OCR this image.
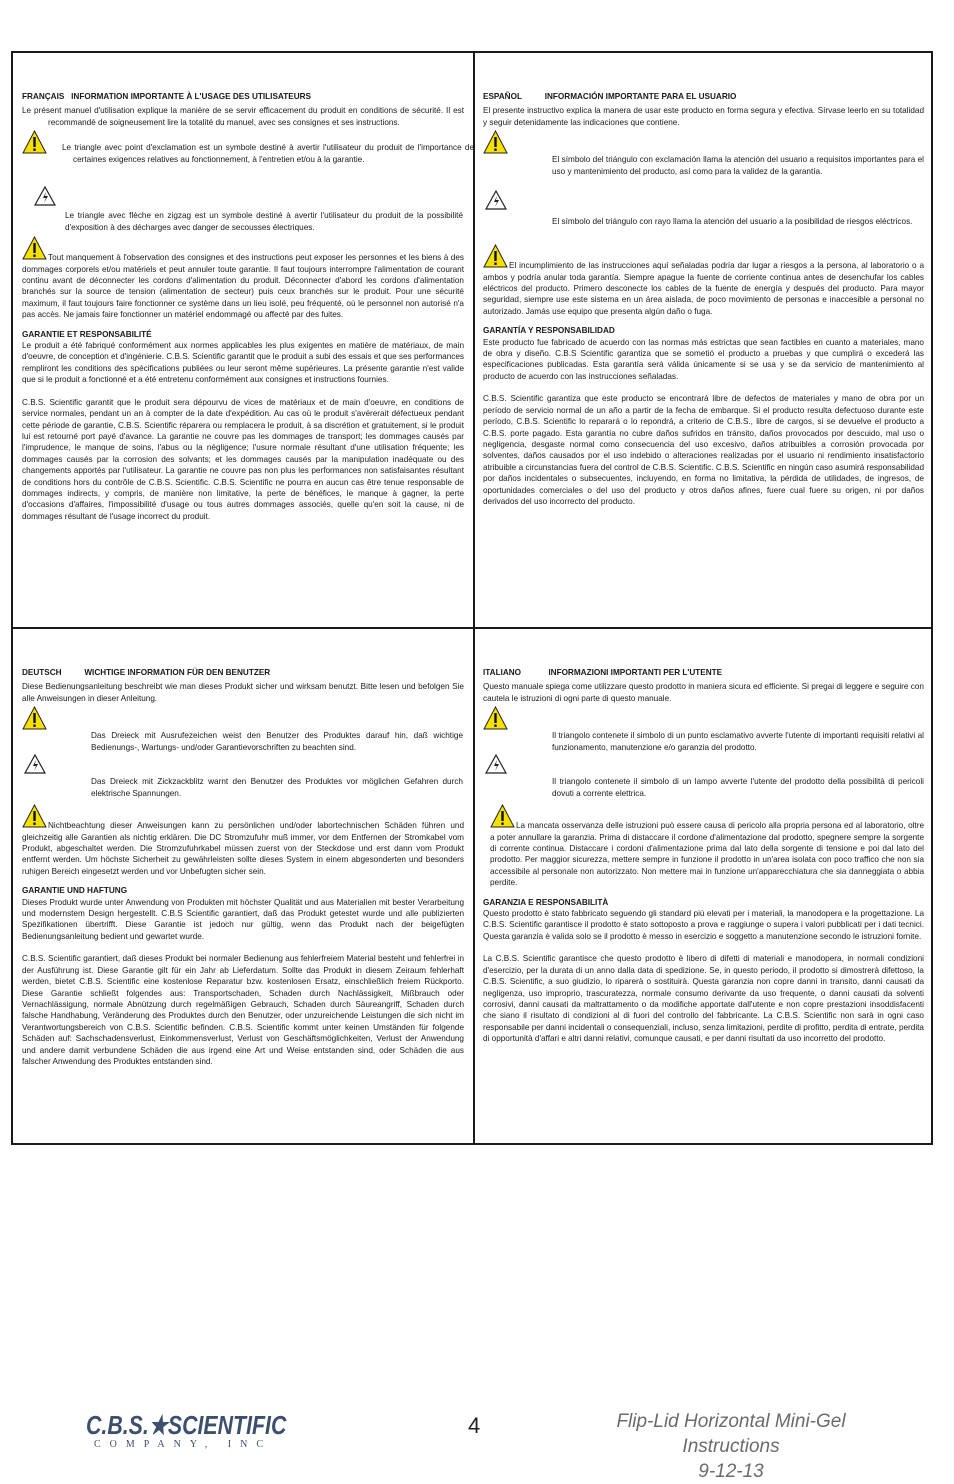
FRANÇAIS INFORMATION IMPORTANTE À L'USAGE DES UTILISATEURS

Le présent manuel d'utilisation explique la manière de se servir efficacement du produit en conditions de sécurité. Il est recommandé de soigneusement lire la totalité du manuel, avec ses consignes et ses instructions.

Le triangle avec point d'exclamation est un symbole destiné à avertir l'utilisateur du produit de l'importance de certaines exigences relatives au fonctionnement, à l'entretien et/ou à la garantie.

Le triangle avec flèche en zigzag est un symbole destiné à avertir l'utilisateur du produit de la possibilité d'exposition à des décharges avec danger de secousses électriques.

Tout manquement à l'observation des consignes et des instructions peut exposer les personnes et les biens à des dommages corporels et/ou matériels et peut annuler toute garantie. Il faut toujours interrompre l'alimentation de courant continu avant de déconnecter les cordons d'alimentation du produit. Déconnecter d'abord les cordons d'alimentation branchés sur la source de tension (alimentation de secteur) puis ceux branchés sur le produit. Pour une sécurité maximum, il faut toujours faire fonctionner ce système dans un lieu isolé, peu fréquenté, où le personnel non autorisé n'a pas accès. Ne jamais faire fonctionner un matériel endommagé ou affecté par des fuites.

GARANTIE ET RESPONSABILITÉ

Le produit a été fabriqué conformément aux normes applicables les plus exigentes en matière de matériaux, de main d'oeuvre, de conception et d'ingénierie. C.B.S. Scientific garantit que le produit a subi des essais et que ses performances rempliront les conditions des spécifications publiées ou leur seront même supérieures. La présente garantie n'est valide que si le produit a fonctionné et a été entretenu conformément aux consignes et instructions fournies.

C.B.S. Scientific garantit que le produit sera dépourvu de vices de matériaux et de main d'oeuvre, en conditions de service normales, pendant un an à compter de la date d'expédition. Au cas où le produit s'avérerait défectueux pendant cette période de garantie, C.B.S. Scientific réparera ou remplacera le produit, à sa discrétion et gratuitement, si le produit lui est retourné port payé d'avance. La garantie ne couvre pas les dommages de transport; les dommages causés par l'imprudence, le manque de soins, l'abus ou la négligence; l'usure normale résultant d'une utilisation fréquente; les dommages causés par la corrosion des solvants; et les dommages causés par la manipulation inadéquate ou des changements apportés par l'utilisateur. La garantie ne couvre pas non plus les performances non satisfaisantes résultant de conditions hors du contrôle de C.B.S. Scientific. C.B.S. Scientific ne pourra en aucun cas être tenue responsable de dommages indirects, y compris, de manière non limitative, la perte de bénéfices, le manque à gagner, la perte d'occasions d'affaires, l'impossibilité d'usage ou tous autres dommages associés, quelle qu'en soit la cause, ni de dommages résultant de l'usage incorrect du produit.

ESPAÑOL	INFORMACIÓN IMPORTANTE PARA EL USUARIO

El presente instructivo explica la manera de usar este producto en forma segura y efectiva. Sírvase leerlo en su totalidad y seguir detenidamente las indicaciones que contiene.

El símbolo del triángulo con exclamación llama la atención del usuario a requisitos importantes para el uso y mantenimiento del producto, así como para la validez de la garantía.

El símbolo del triángulo con rayo llama la atención del usuario a la posibilidad de riesgos eléctricos.

El incumplimiento de las instrucciones aquí señaladas podría dar lugar a riesgos a la persona, al laboratorio o a ambos y podría anular toda garantía. Siempre apague la fuente de corriente continua antes de desenchufar los cables eléctricos del producto. Primero desconecte los cables de la fuente de energía y después del producto. Para mayor seguridad, siempre use este sistema en un área aislada, de poco movimiento de personas e inaccesible a personal no autorizado. Jamás use equipo que presenta algún daño o fuga.

GARANTÍA Y RESPONSABILIDAD

Este producto fue fabricado de acuerdo con las normas más estrictas que sean factibles en cuanto a materiales, mano de obra y diseño. C.B.S Scientific garantiza que se sometió el producto a pruebas y que cumplirá o excederá las especificaciones publicadas. Esta garantía será válida únicamente si se usa y se da servicio de mantenimiento al producto de acuerdo con las instrucciones señaladas.

C.B.S. Scientific garantiza que este producto se encontrará libre de defectos de materiales y mano de obra por un período de servicio normal de un año a partir de la fecha de embarque. Si el producto resulta defectuoso durante este período, C.B.S. Scientific lo reparará o lo repondrá, a criterio de C.B.S., libre de cargos, si se devuelve el producto a C.B.S. porte pagado. Esta garantía no cubre daños sufridos en tránsito, daños provocados por descuido, mal uso o negligencia, desgaste normal como consecuencia del uso excesivo, daños atribuibles a corrosión provocada por solventes, daños causados por el uso indebido o alteraciones realizadas por el usuario ni rendimiento insatisfactorio atribuible a circunstancias fuera del control de C.B.S. Scientific. C.B.S. Scientific en ningún caso asumirá responsabilidad por daños incidentales o subsecuentes, incluyendo, en forma no limitativa, la pérdida de utilidades, de ingresos, de oportunidades comerciales o del uso del producto y otros daños afines, fuere cual fuere su origen, ni por daños derivados del uso incorrecto del producto.

DEUTSCH	WICHTIGE INFORMATION FÜR DEN BENUTZER

Diese Bedienungsanleitung beschreibt wie man dieses Produkt sicher und wirksam benutzt. Bitte lesen und befolgen Sie alle Anweisungen in dieser Anleitung.

Das Dreieck mit Ausrufezeichen weist den Benutzer des Produktes darauf hin, daß wichtige Bedienungs-, Wartungs- und/oder Garantievorschriften zu beachten sind.

Das Dreieck mit Zickzackblitz warnt den Benutzer des Produktes vor möglichen Gefahren durch elektrische Spannungen.

Nichtbeachtung dieser Anweisungen kann zu persönlichen und/oder labortechnischen Schäden führen und gleichzeitig alle Garantien als nichtig erklären. Die DC Stromzufuhr muß immer, vor dem Entfernen der Stromkabel vom Produkt, abgeschaltet werden. Die Stromzufuhrkabel müssen zuerst von der Steckdose und erst dann vom Produkt entfernt werden. Um höchste Sicherheit zu gewährleisten sollte dieses System in einem abgesonderten und besonders ruhigen Bereich eingesetzt werden und vor Unbefugten sicher sein.

GARANTIE UND HAFTUNG

Dieses Produkt wurde unter Anwendung von Produkten mit höchster Qualität und aus Materialien mit bester Verarbeitung und modernstem Design hergestellt. C.B.S Scientific garantiert, daß das Produkt getestet wurde und alle publizierten Spezifikationen übertrifft. Diese Garantie ist jedoch nur gültig, wenn das Produkt nach der beigefügten Bedienungsanleitung bedient und gewartet wurde.

C.B.S. Scientific garantiert, daß dieses Produkt bei normaler Bedienung aus fehlerfreiem Material besteht und fehlerfrei in der Ausführung ist. Diese Garantie gilt für ein Jahr ab Lieferdatum. Sollte das Produkt in diesem Zeiraum fehlerhaft werden, bietet C.B.S. Scientific eine kostenlose Reparatur bzw. kostenlosen Ersatz, einschließlich freiem Rückporto. Diese Garantie schließt folgendes aus: Transportschaden, Schaden durch Nachlässigkeit, Mißbrauch oder Vernachlässigung, normale Abnützung durch regelmäßigen Gebrauch, Schaden durch Säureangriff, Schaden durch falsche Handhabung, Veränderung des Produktes durch den Benutzer, oder unzureichende Leistungen die sich nicht im Verantwortungsbereich von C.B.S. Scientific befinden. C.B.S. Scientific kommt unter keinen Umständen für folgende Schäden auf: Sachschadensverlust, Einkommensverlust, Verlust von Geschäftsmöglichkeiten, Verlust der Anwendung und andere damit verbundene Schäden die aus irgend eine Art und Weise entstanden sind, oder Schäden die aus falscher Anwendung des Produktes entstanden sind.

ITALIANO	INFORMAZIONI IMPORTANTI PER L'UTENTE

Questo manuale spiega come utilizzare questo prodotto in maniera sicura ed efficiente. Si pregai di leggere e seguire con cautela le istruzioni di ogni parte di questo manuale.

Il triangolo contenete il simbolo di un punto esclamativo avverte l'utente di importanti requisiti relativi al funzionamento, manutenzione e/o garanzia del prodotto.

Il triangolo contenete il simbolo di un lampo avverte l'utente del prodotto della possibilità di pericoli dovuti a corrente elettrica.

La mancata osservanza delle istruzioni può essere causa di pericolo alla propria persona ed al laboratorio, oltre a poter annullare la garanzia. Prima di distaccare il cordone d'alimentazione dal prodotto, spegnere sempre la sorgente di corrente continua. Distaccare i cordoni d'alimentazione prima dal lato della sorgente di tensione e poi dal lato del prodotto. Per maggior sicurezza, mettere sempre in funzione il prodotto in un'area isolata con poco traffico che non sia accessibile al personale non autorizzato. Non mettere mai in funzione un'apparecchiatura che sia danneggiata o abbia perdite.

GARANZIA E RESPONSABILITÀ

Questo prodotto è stato fabbricato seguendo gli standard più elevati per i materiali, la manodopera e la progettazione. La C.B.S. Scientific garantisce il prodotto è stato sottoposto a prova e raggiunge o supera i valori pubblicati per i dati tecnici. Questa garanzia è valida solo se il prodotto è messo in esercizio e soggetto a manutenzione secondo le istruzioni fornite.

La C.B.S. Scientific garantisce che questo prodotto è libero di difetti di materiali e manodopera, in normali condizioni d'esercizio, per la durata di un anno dalla data di spedizione. Se, in questo periodo, il prodotto si dimostrerà difettoso, la C.B.S. Scientific, a suo giudizio, lo riparerà o sostituirà. Questa garanzia non copre danni in transito, danni causati da negligenza, uso improprio, trascuratezza, normale consumo derivante da uso frequente, o danni causati da solventi corrosivi, danni causati da maltrattamento o da modifiche apportate dall'utente e non copre prestazioni insoddisfacenti che siano il risultato di condizioni al di fuori del controllo del fabbricante. La C.B.S. Scientific non sarà in ogni caso responsabile per danni incidentali o consequenziali, incluso, senza limitazioni, perdite di profitto, perdita di entrate, perdita di opportunità d'affari e altri danni relativi, comunque causati, e per danni risultati da uso incorretto del prodotto.

C.B.S.★SCIENTIFIC
COMPANY, INC
4	Flip-Lid Horizontal Mini-Gel Instructions
9-12-13
